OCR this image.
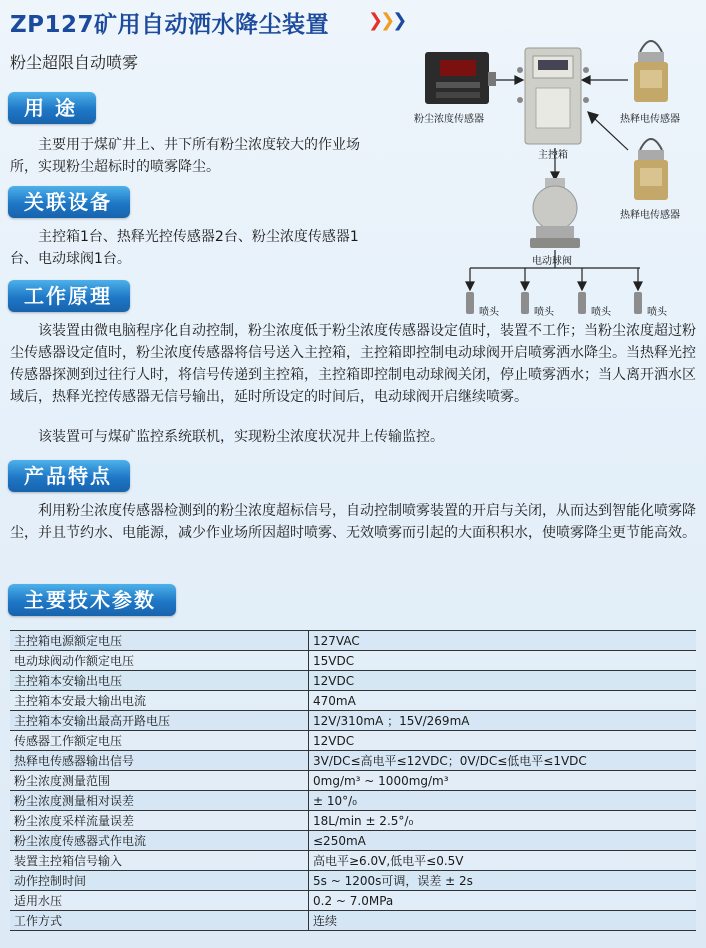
ZP127矿用自动洒水降尘装置 ❯❯❯
粉尘超限自动喷雾
用 途
主要用于煤矿井上、井下所有粉尘浓度较大的作业场所，实现粉尘超标时的喷雾降尘。
关联设备
主控箱1台、热释光控传感器2台、粉尘浓度传感器1台、电动球阀1台。
粉尘浓度传感器
主控箱
热释电传感器
热释电传感器
电动球阀
喷头	喷头	喷头	喷头
工作原理
该装置由微电脑程序化自动控制，粉尘浓度低于粉尘浓度传感器设定值时，装置不工作；当粉尘浓度超过粉尘传感器设定值时，粉尘浓度传感器将信号送入主控箱，主控箱即控制电动球阀开启喷雾洒水降尘。当热释光控传感器探测到过往行人时，将信号传递到主控箱，主控箱即控制电动球阀关闭，停止喷雾洒水；当人离开洒水区域后，热释光控传感器无信号输出，延时所设定的时间后，电动球阀开启继续喷雾。
该装置可与煤矿监控系统联机，实现粉尘浓度状况井上传输监控。
产品特点
利用粉尘浓度传感器检测到的粉尘浓度超标信号，自动控制喷雾装置的开启与关闭，从而达到智能化喷雾降尘，并且节约水、电能源，减少作业场所因超时喷雾、无效喷雾而引起的大面积积水，使喷雾降尘更节能高效。
主要技术参数
主控箱电源额定电压	127VAC
电动球阀动作额定电压	15VDC
主控箱本安输出电压	12VDC
主控箱本安最大输出电流	470mA
主控箱本安输出最高开路电压	12V/310mA ；15V/269mA
传感器工作额定电压	12VDC
热释电传感器输出信号	3V/DC≤高电平≤12VDC；0V/DC≤低电平≤1VDC
粉尘浓度测量范围	0mg/m³ ~ 1000mg/m³
粉尘浓度测量相对误差	± 10°/₀
粉尘浓度采样流量误差	18L/min ± 2.5°/₀
粉尘浓度传感器式作电流	≤250mA
装置主控箱信号输入	高电平≥6.0V,低电平≤0.5V
动作控制时间	5s ~ 1200s可调，误差 ± 2s
适用水压	0.2 ~ 7.0MPa
工作方式	连续
